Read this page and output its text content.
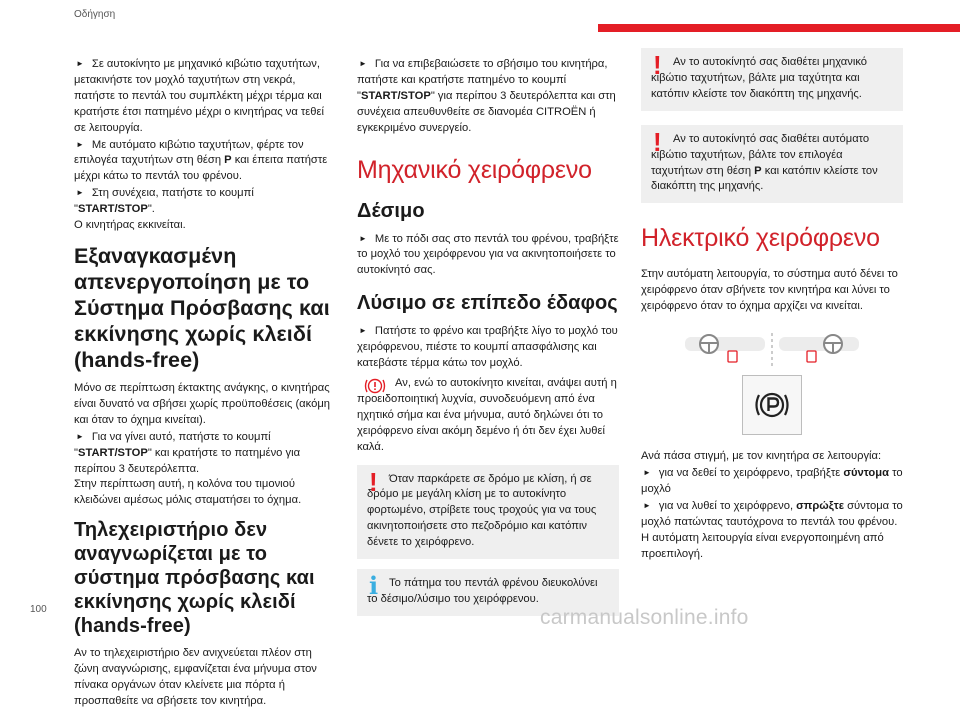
Οδήγηση

► Σε αυτοκίνητο με μηχανικό κιβώτιο ταχυτήτων, μετακινήστε τον μοχλό ταχυτήτων στη νεκρά, πατήστε το πεντάλ του συμπλέκτη μέχρι τέρμα και κρατήστε έτσι πατημένο μέχρι ο κινητήρας να τεθεί σε λειτουργία.

► Με αυτόματο κιβώτιο ταχυτήτων, φέρτε τον επιλογέα ταχυτήτων στη θέση P και έπειτα πατήστε μέχρι κάτω το πεντάλ του φρένου.

► Στη συνέχεια, πατήστε το κουμπί "START/STOP".

Ο κινητήρας εκκινείται.

Εξαναγκασμένη απενεργοποίηση με το Σύστημα Πρόσβασης και εκκίνησης χωρίς κλειδί (hands-free)

Μόνο σε περίπτωση έκτακτης ανάγκης, ο κινητήρας είναι δυνατό να σβήσει χωρίς προϋποθέσεις (ακόμη και όταν το όχημα κινείται).

► Για να γίνει αυτό, πατήστε το κουμπί "START/STOP" και κρατήστε το πατημένο για περίπου 3 δευτερόλεπτα.

Στην περίπτωση αυτή, η κολόνα του τιμονιού κλειδώνει αμέσως μόλις σταματήσει το όχημα.

Τηλεχειριστήριο δεν αναγνωρίζεται με το σύστημα πρόσβασης και εκκίνησης χωρίς κλειδί (hands-free)

Αν το τηλεχειριστήριο δεν ανιχνεύεται πλέον στη ζώνη αναγνώρισης, εμφανίζεται ένα μήνυμα στον πίνακα οργάνων όταν κλείνετε μια πόρτα ή προσπαθείτε να σβήσετε τον κινητήρα.

► Για να επιβεβαιώσετε το σβήσιμο του κινητήρα, πατήστε και κρατήστε πατημένο το κουμπί "START/STOP" για περίπου 3 δευτερόλεπτα και στη συνέχεια απευθυνθείτε σε διανομέα CITROËN ή εγκεκριμένο συνεργείο.

Μηχανικό χειρόφρενο
Δέσιμο

► Με το πόδι σας στο πεντάλ του φρένου, τραβήξτε το μοχλό του χειρόφρενου για να ακινητοποιήσετε το αυτοκίνητό σας.

Λύσιμο σε επίπεδο έδαφος

► Πατήστε το φρένο και τραβήξτε λίγο το μοχλό του χειρόφρενου, πιέστε το κουμπί απασφάλισης και κατεβάστε τέρμα κάτω τον μοχλό.

Αν, ενώ το αυτοκίνητο κινείται, ανάψει αυτή η προειδοποιητική λυχνία, συνοδευόμενη από ένα ηχητικό σήμα και ένα μήνυμα, αυτό δηλώνει ότι το χειρόφρενο είναι ακόμη δεμένο ή ότι δεν έχει λυθεί καλά.

!	Όταν παρκάρετε σε δρόμο με κλίση, ή σε δρόμο με μεγάλη κλίση με το αυτοκίνητο φορτωμένο, στρίβετε τους τροχούς για να τους ακινητοποιήσετε στο πεζοδρόμιο και κατόπιν δένετε το χειρόφρενο.

i Το πάτημα του πεντάλ φρένου διευκολύνει το δέσιμο/λύσιμο του χειρόφρενου.

!	Αν το αυτοκίνητό σας διαθέτει μηχανικό κιβώτιο ταχυτήτων, βάλτε μια ταχύτητα και κατόπιν κλείστε τον διακόπτη της μηχανής.

!	Αν το αυτοκίνητό σας διαθέτει αυτόματο κιβώτιο ταχυτήτων, βάλτε τον επιλογέα ταχυτήτων στη θέση P και κατόπιν κλείστε τον διακόπτη της μηχανής.

Ηλεκτρικό χειρόφρενο

Στην αυτόματη λειτουργία, το σύστημα αυτό δένει το χειρόφρενο όταν σβήνετε τον κινητήρα και λύνει το χειρόφρενο όταν το όχημα αρχίζει να κινείται.

Ανά πάσα στιγμή, με τον κινητήρα σε λειτουργία:

► για να δεθεί το χειρόφρενο, τραβήξτε σύντομα το μοχλό

► για να λυθεί το χειρόφρενο, σπρώξτε σύντομα το μοχλό πατώντας ταυτόχρονα το πεντάλ του φρένου.

Η αυτόματη λειτουργία είναι ενεργοποιημένη από προεπιλογή.

100	carmanualsonline.info
